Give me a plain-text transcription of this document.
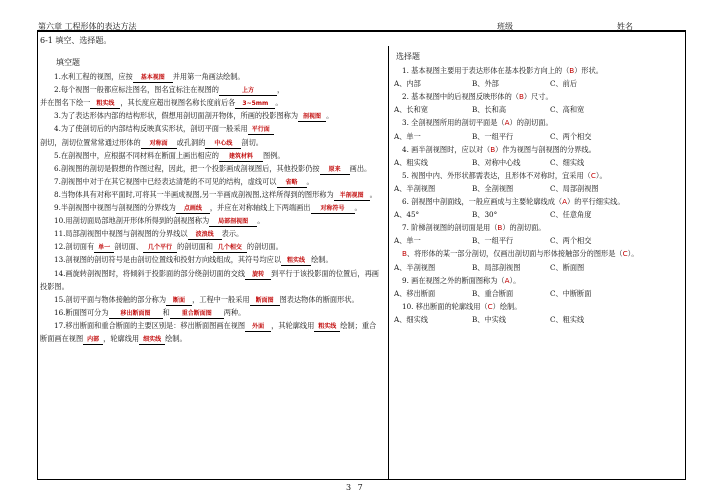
第六章 工程形体的表达方法	班级	姓名
6-1 填空、选择题。
填空题

1.水利工程的视图，应按 基本视图 并用第一角画法绘制。

2.每个视图一般都应标注图名，图名宜标注在视图的	上方	，
并在图名下绘一 粗实线 ，其长度应超出视图名称长度前后各 3~5mm 。

3.为了表达形体内部的结构形状，假想用剖切面剖开物体，所画的投影图称为 剖视图 。

4.为了使剖切后的内部结构反映真实形状，剖切平面一般采用 平行面
剖切，剖切位置常常通过形体的 对称面 或孔洞的 中心线 剖切。

5.在剖视图中，应根据不同材料在断面上画出相应的 建筑材料 图例。

6.剖视图的剖切是假想的作图过程，因此，把一个投影画成剖视图后，其他投影仍按 原来 画出。

7.剖视图中对于在其它视图中已经表达清楚的不可见的结构，虚线可以 省略 。

8.当物体具有对称平面时,可将其一半画成视图,另一半画成剖视图,这样所得到的图形称为 半剖视图 。

9.半剖视图中视图与剖视图的分界线为 点画线 ，并应在对称轴线上下两端画出 对称符号 。

10.用剖切面局部地剖开形体所得到的剖视图称为 局部剖视图 。

11.局部剖视图中视图与剖视图的分界线以 波浪线 表示。

12.剖切面有 单一 剖切面、 几个平行 的剖切面和 几个相交 的剖切面。

13.剖视图的剖切符号是由剖切位置线和投射方向线组成，其符号均应以 粗实线 绘制。

14.画旋转剖视图时，将倾斜于投影面的部分绕剖切面的交线 旋转 到平行于该投影面的位置后，再画投影图。

15.剖切平面与物体接触的部分称为 断面 ，工程中一般采用 断面图 图表达物体的断面形状。

16.断面图可分为 移出断面图 和 重合断面图 两种。

17.移出断面和重合断面的主要区别是：移出断面图画在视图 外面 ，其轮廓线用 粗实线 绘制；重合断面画在视图 内部 ，轮廓线用 细实线 绘制。

选择题

1. 基本视图主要用于表达形体在基本投影方向上的（B）形状。

A、内部	B、外部	C、前后

2. 基本视图中的后视图反映形体的（B）尺寸。

A、长和宽	B、长和高	C、高和宽

3. 全剖视图所用的剖切平面是（A）的剖切面。

A、单一	B、一组平行	C、两个相交

4. 画半剖视图时，应以对（B）作为视图与剖视图的分界线。

A、粗实线	B、对称中心线	C、细实线

5. 视图中内、外形状都需表达，且形体不对称时，宜采用（C）。

A、半剖视图	B、全剖视图	C、局部剖视图

6. 剖视图中剖面线，一般应画成与主要轮廓线成（A）的平行细实线。

A、45°	B、30°	C、任意角度

7. 阶梯剖视图的剖切面是用（B）的剖切面。

A、单一	B、一组平行	C、两个相交

B、将形体的某一部分剖切，仅画出剖切面与形体接触部分的图形是（C）。

A、半剖视图	B、局部剖视图	C、断面图

9. 画在视图之外的断面图称为（A）。

A、移出断面	B、重合断面	C、中断断面

10. 移出断面的轮廓线用（C）绘制。

A、细实线	B、中实线	C、粗实线
3 7
